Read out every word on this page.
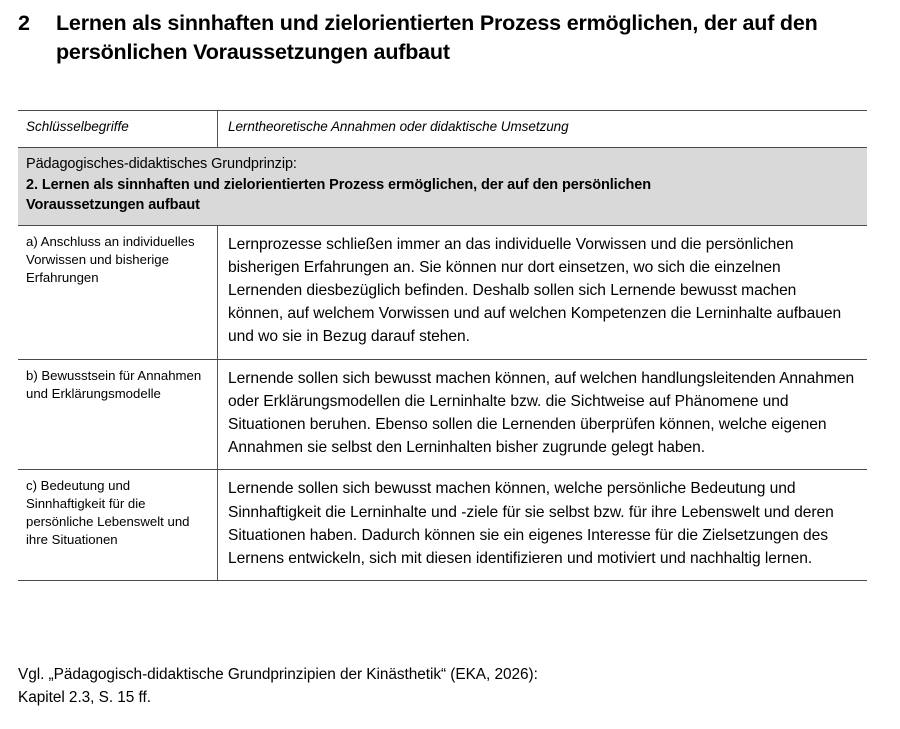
2	Lernen als sinnhaften und zielorientierten Prozess ermöglichen, der auf den persönlichen Voraussetzungen aufbaut
Schlüsselbegriffe	Lerntheoretische Annahmen oder didaktische Umsetzung
Pädagogisches-didaktisches Grundprinzip:
2. Lernen als sinnhaften und zielorientierten Prozess ermöglichen, der auf den persönlichen
Voraussetzungen aufbaut
a) Anschluss an individuelles Vorwissen und bisherige Erfahrungen
Lernprozesse schließen immer an das individuelle Vorwissen und die persönlichen bisherigen Erfahrungen an. Sie können nur dort einsetzen, wo sich die einzelnen Lernenden diesbezüglich befinden. Deshalb sollen sich Lernende bewusst machen können, auf welchem Vorwissen und auf welchen Kompetenzen die Lerninhalte aufbauen und wo sie in Bezug darauf stehen.
b) Bewusstsein für Annahmen und Erklärungsmodelle
Lernende sollen sich bewusst machen können, auf welchen handlungsleitenden Annahmen oder Erklärungsmodellen die Lerninhalte bzw. die Sichtweise auf Phänomene und Situationen beruhen. Ebenso sollen die Lernenden überprüfen können, welche eigenen Annahmen sie selbst den Lerninhalten bisher zugrunde gelegt haben.
c) Bedeutung und Sinnhaftigkeit für die persönliche Lebenswelt und ihre Situationen
Lernende sollen sich bewusst machen können, welche persönliche Bedeutung und Sinnhaftigkeit die Lerninhalte und -ziele für sie selbst bzw. für ihre Lebenswelt und deren Situationen haben. Dadurch können sie ein eigenes Interesse für die Zielsetzungen des Lernens entwickeln, sich mit diesen identifizieren und motiviert und nachhaltig lernen.
Vgl. „Pädagogisch-didaktische Grundprinzipien der Kinästhetik“ (EKA, 2026):
Kapitel 2.3, S. 15 ff.
